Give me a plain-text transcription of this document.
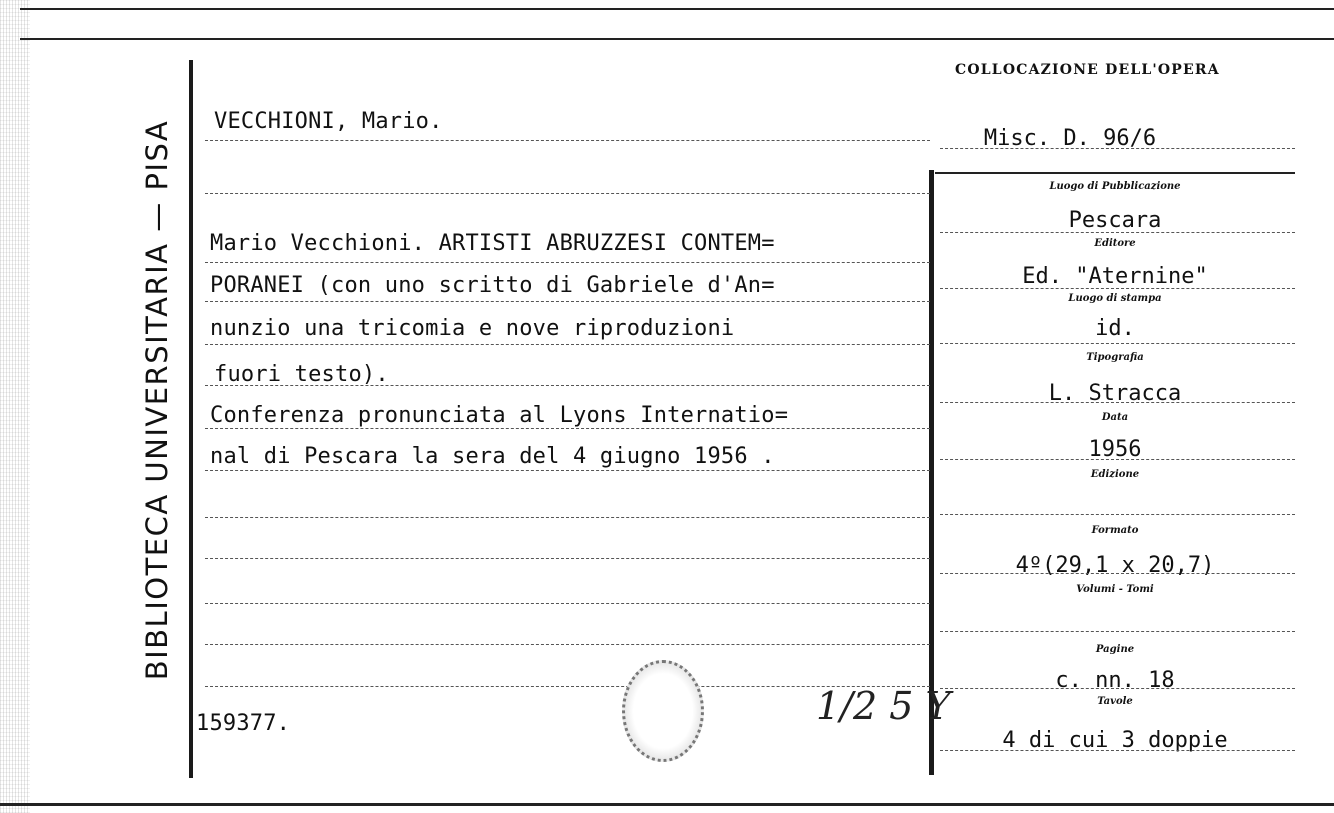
BIBLIOTECA UNIVERSITARIA — PISA
COLLOCAZIONE DELL'OPERA
VECCHIONI, Mario.
Mario Vecchioni. ARTISTI ABRUZZESI CONTEM=
PORANEI (con uno scritto di Gabriele d'An=
nunzio una tricomia e nove riproduzioni
fuori testo).
Conferenza pronunciata al Lyons Internatio=
nal di Pescara la sera del 4 giugno 1956 .
159377.	1/2 5 Y
Misc. D. 96/6
Luogo di Pubblicazione
Pescara
Editore
Ed. "Aternine"
Luogo di stampa
id.
Tipografia
L. Stracca
Data
1956
Edizione
Formato
4º(29,1 x 20,7)
Volumi - Tomi
Pagine
c. nn. 18
Tavole
4 di cui 3 doppie
